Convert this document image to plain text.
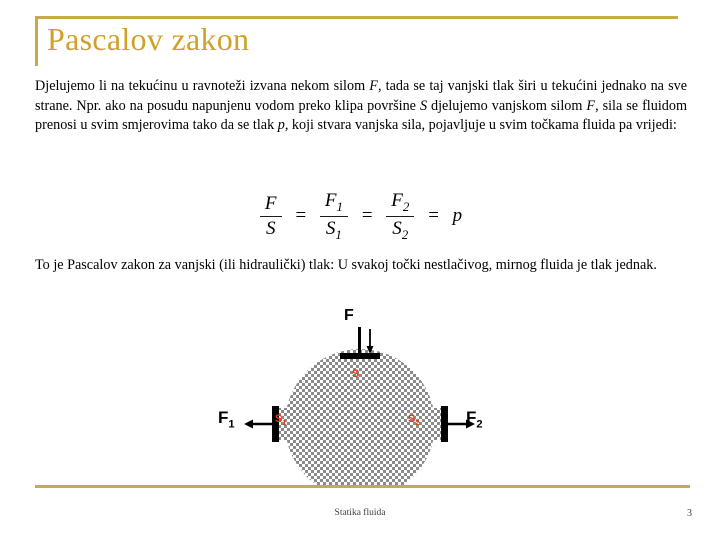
Pascalov zakon
Djelujemo li na tekućinu u ravnoteži izvana nekom silom F, tada se taj vanjski tlak širi u tekućini jednako na sve strane. Npr. ako na posudu napunjenu vodom preko klipa površine S djelujemo vanjskom silom F, sila se fluidom prenosi u svim smjerovima tako da se tlak p, koji stvara vanjska sila, pojavljuje u svim točkama fluida pa vrijedi:
$\frac{F}{S} = \frac{F_1}{S_1} = \frac{F_2}{S_2} = p$
To je Pascalov zakon za vanjski (ili hidraulički) tlak: U svakoj točki nestlačivog, mirnog fluida je tlak jednak.
F
$F_1$	$F_2$
S
$S_1$	$S_2$
Statika fluida	3
